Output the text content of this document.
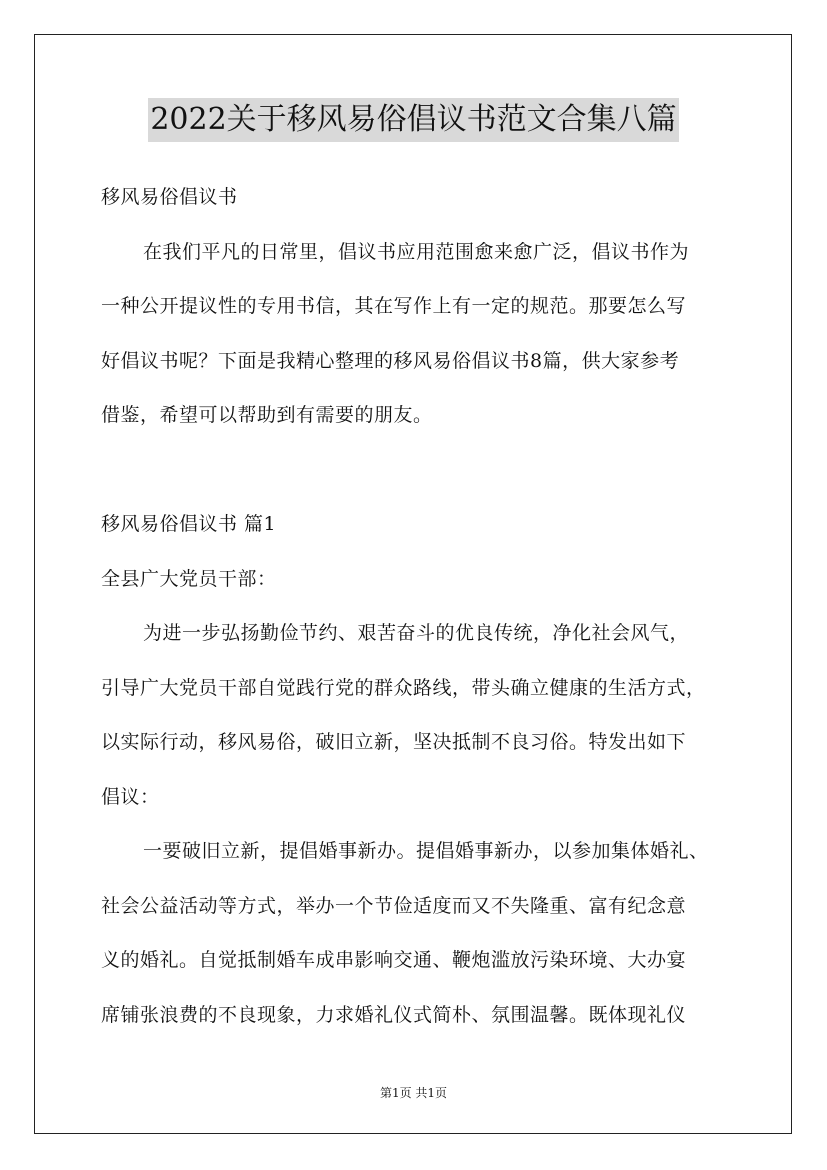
2022关于移风易俗倡议书范文合集八篇
移风易俗倡议书
在我们平凡的日常里，倡议书应用范围愈来愈广泛，倡议书作为
一种公开提议性的专用书信，其在写作上有一定的规范。那要怎么写
好倡议书呢？下面是我精心整理的移风易俗倡议书8篇，供大家参考
借鉴，希望可以帮助到有需要的朋友。
移风易俗倡议书 篇1
全县广大党员干部：
为进一步弘扬勤俭节约、艰苦奋斗的优良传统，净化社会风气，
引导广大党员干部自觉践行党的群众路线，带头确立健康的生活方式，
以实际行动，移风易俗，破旧立新，坚决抵制不良习俗。特发出如下
倡议：
一要破旧立新，提倡婚事新办。提倡婚事新办，以参加集体婚礼、
社会公益活动等方式，举办一个节俭适度而又不失隆重、富有纪念意
义的婚礼。自觉抵制婚车成串影响交通、鞭炮滥放污染环境、大办宴
席铺张浪费的不良现象，力求婚礼仪式简朴、氛围温馨。既体现礼仪
第1页 共1页
